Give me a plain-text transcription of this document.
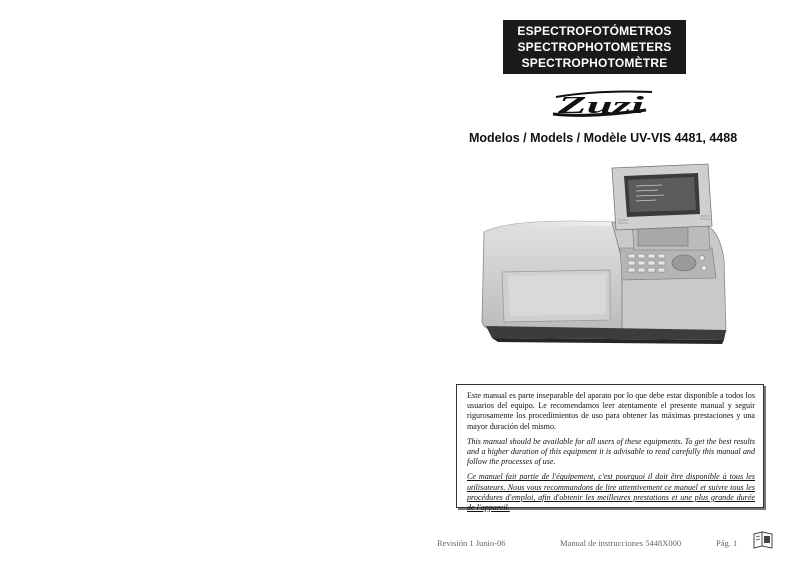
ESPECTROFOTÓMETROS
SPECTROPHOTOMETERS
SPECTROPHOTOMÈTRE
Zuzi
Modelos / Models / Modèle UV-VIS 4481, 4488

Este manual es parte inseparable del aparato por lo que debe estar disponible a todos los usuarios del equipo. Le recomendamos leer atentamente el presente manual y seguir rigurosamente los procedimientos de uso para obtener las máximas prestaciones y una mayor duración del mismo.

This manual should be available for all users of these equipments. To get the best results and a higher duration of this equipment it is advisable to read carefully this manual and follow the processes of use.

Ce manuel fait partie de l'équipement, c'est pourquoi il doit être disponible à tous les utilisateurs. Nous vous recommandons de lire attentivement ce manuel et suivre tous les procédures d'emploi, afin d'obtenir les meilleures prestations et une plus grande durée de l'appareil.

Revisión 1 Junio-06	Manual de instrucciones 5448X000	Pág. 1
